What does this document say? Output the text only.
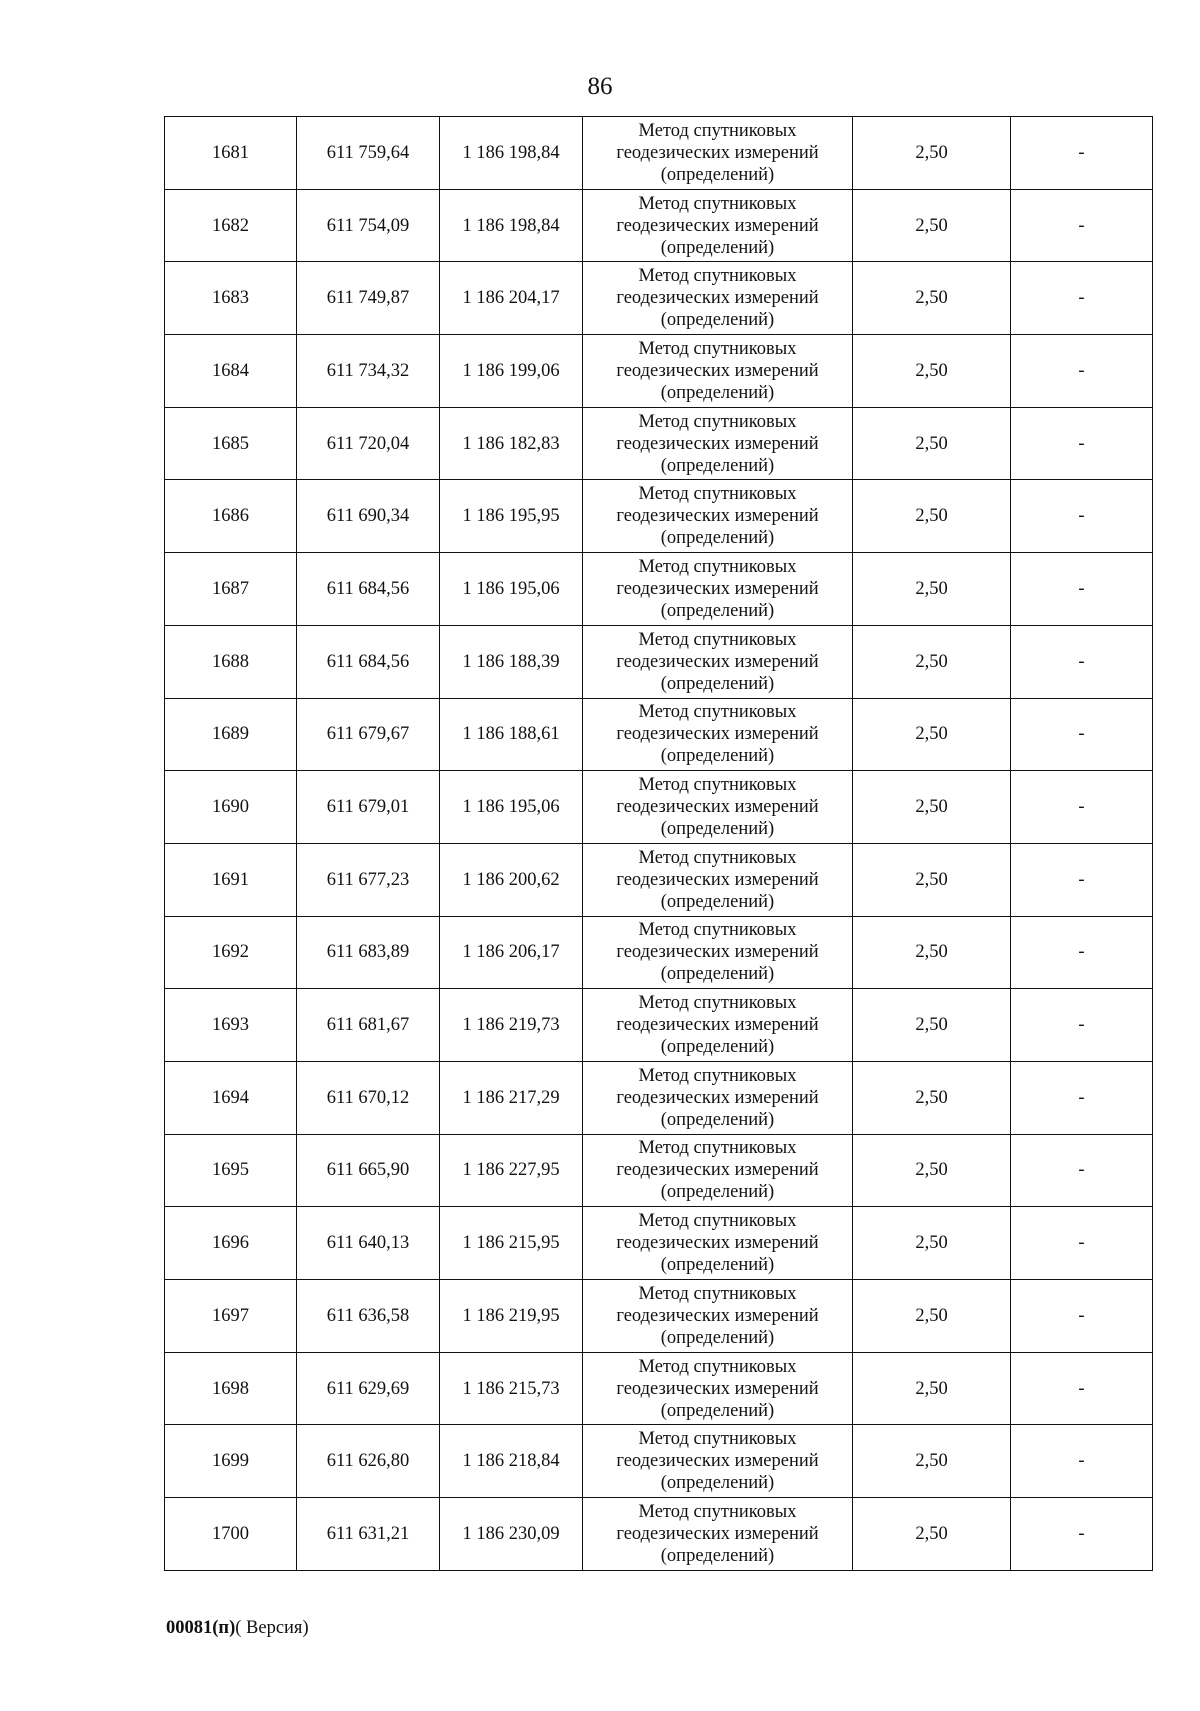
86
1681	611 759,64	1 186 198,84	Метод спутниковых
геодезических измерений
(определений)	2,50	-
1682	611 754,09	1 186 198,84	Метод спутниковых
геодезических измерений
(определений)	2,50	-
1683	611 749,87	1 186 204,17	Метод спутниковых
геодезических измерений
(определений)	2,50	-
1684	611 734,32	1 186 199,06	Метод спутниковых
геодезических измерений
(определений)	2,50	-
1685	611 720,04	1 186 182,83	Метод спутниковых
геодезических измерений
(определений)	2,50	-
1686	611 690,34	1 186 195,95	Метод спутниковых
геодезических измерений
(определений)	2,50	-
1687	611 684,56	1 186 195,06	Метод спутниковых
геодезических измерений
(определений)	2,50	-
1688	611 684,56	1 186 188,39	Метод спутниковых
геодезических измерений
(определений)	2,50	-
1689	611 679,67	1 186 188,61	Метод спутниковых
геодезических измерений
(определений)	2,50	-
1690	611 679,01	1 186 195,06	Метод спутниковых
геодезических измерений
(определений)	2,50	-
1691	611 677,23	1 186 200,62	Метод спутниковых
геодезических измерений
(определений)	2,50	-
1692	611 683,89	1 186 206,17	Метод спутниковых
геодезических измерений
(определений)	2,50	-
1693	611 681,67	1 186 219,73	Метод спутниковых
геодезических измерений
(определений)	2,50	-
1694	611 670,12	1 186 217,29	Метод спутниковых
геодезических измерений
(определений)	2,50	-
1695	611 665,90	1 186 227,95	Метод спутниковых
геодезических измерений
(определений)	2,50	-
1696	611 640,13	1 186 215,95	Метод спутниковых
геодезических измерений
(определений)	2,50	-
1697	611 636,58	1 186 219,95	Метод спутниковых
геодезических измерений
(определений)	2,50	-
1698	611 629,69	1 186 215,73	Метод спутниковых
геодезических измерений
(определений)	2,50	-
1699	611 626,80	1 186 218,84	Метод спутниковых
геодезических измерений
(определений)	2,50	-
1700	611 631,21	1 186 230,09	Метод спутниковых
геодезических измерений
(определений)	2,50	-
00081(п)( Версия)
